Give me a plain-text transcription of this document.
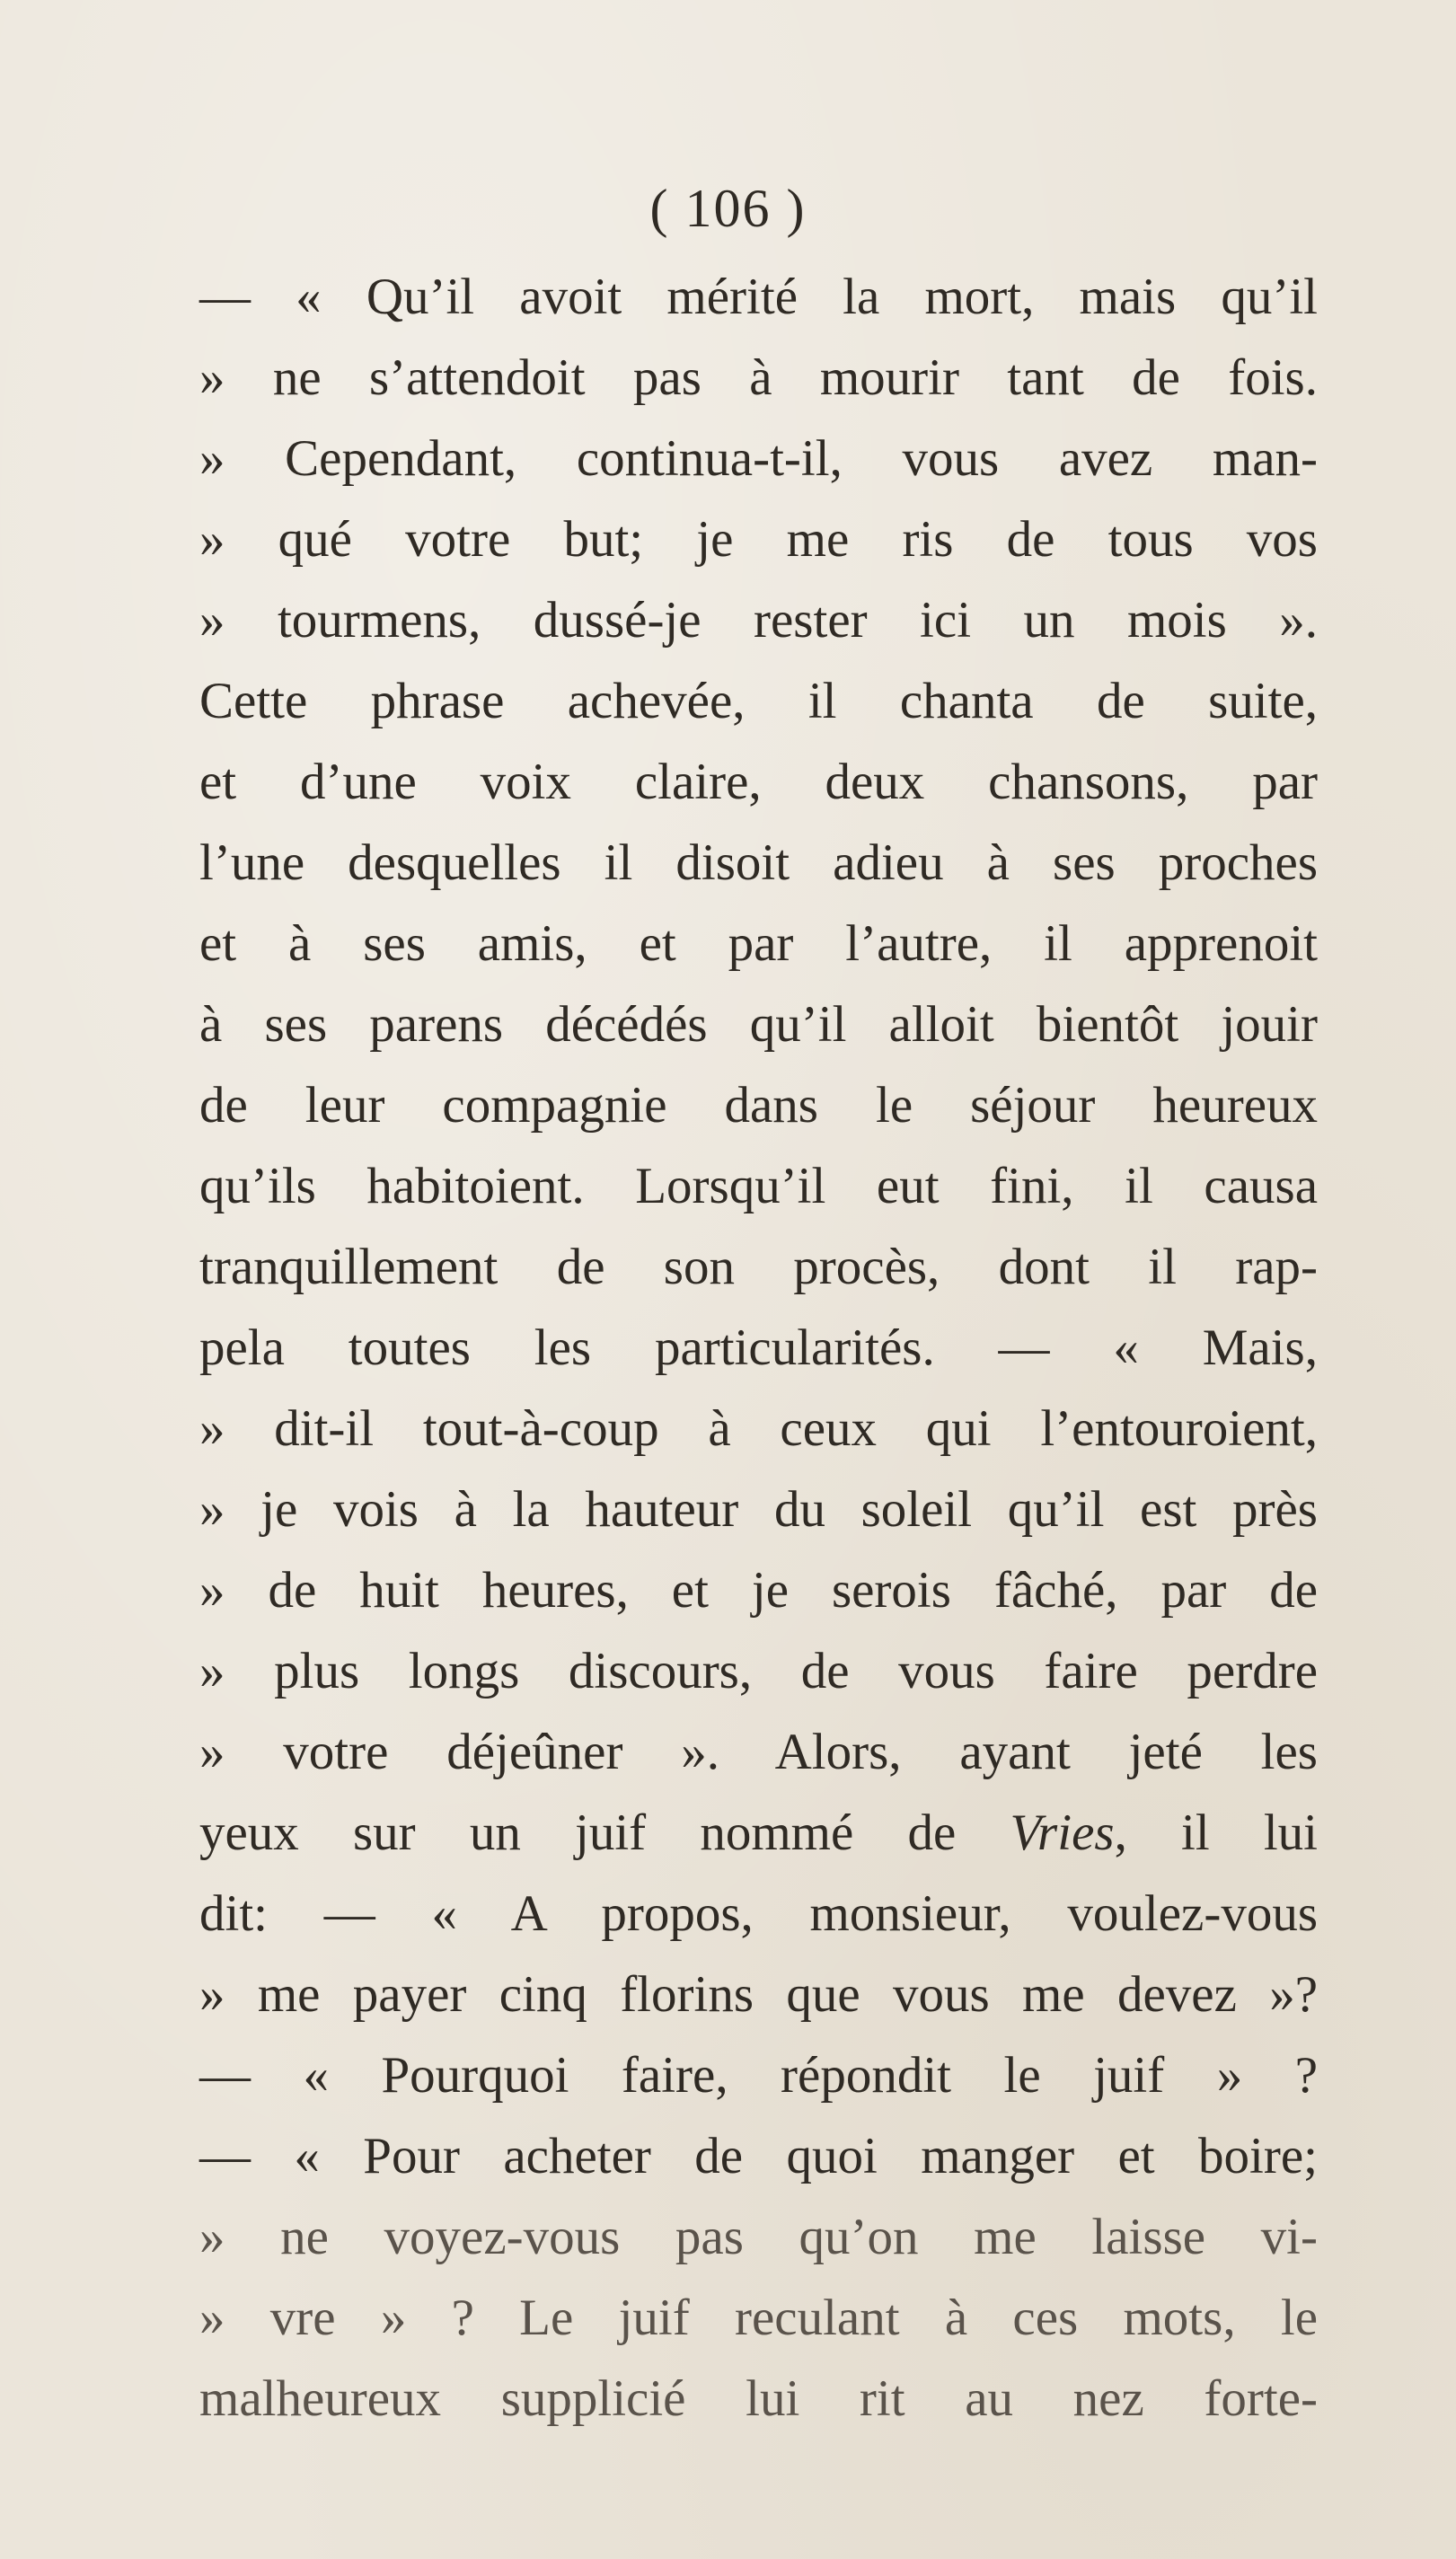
( 106 )
— « Qu’il avoit mérité la mort, mais qu’il
» ne s’attendoit pas à mourir tant de fois.
» Cependant, continua-t-il, vous avez man-
» qué votre but; je me ris de tous vos
» tourmens, dussé-je rester ici un mois ».
Cette phrase achevée, il chanta de suite,
et d’une voix claire, deux chansons, par
l’une desquelles il disoit adieu à ses proches
et à ses amis, et par l’autre, il apprenoit
à ses parens décédés qu’il alloit bientôt jouir
de leur compagnie dans le séjour heureux
qu’ils habitoient. Lorsqu’il eut fini, il causa
tranquillement de son procès, dont il rap-
pela toutes les particularités. — « Mais,
» dit-il tout-à-coup à ceux qui l’entouroient,
» je vois à la hauteur du soleil qu’il est près
» de huit heures, et je serois fâché, par de
» plus longs discours, de vous faire perdre
» votre déjeûner ». Alors, ayant jeté les
yeux sur un juif nommé de Vries, il lui
dit: — « A propos, monsieur, voulez-vous
» me payer cinq florins que vous me devez »?
— « Pourquoi faire, répondit le juif » ?
— « Pour acheter de quoi manger et boire;
» ne voyez-vous pas qu’on me laisse vi-
» vre » ? Le juif reculant à ces mots, le
malheureux supplicié lui rit au nez forte-
